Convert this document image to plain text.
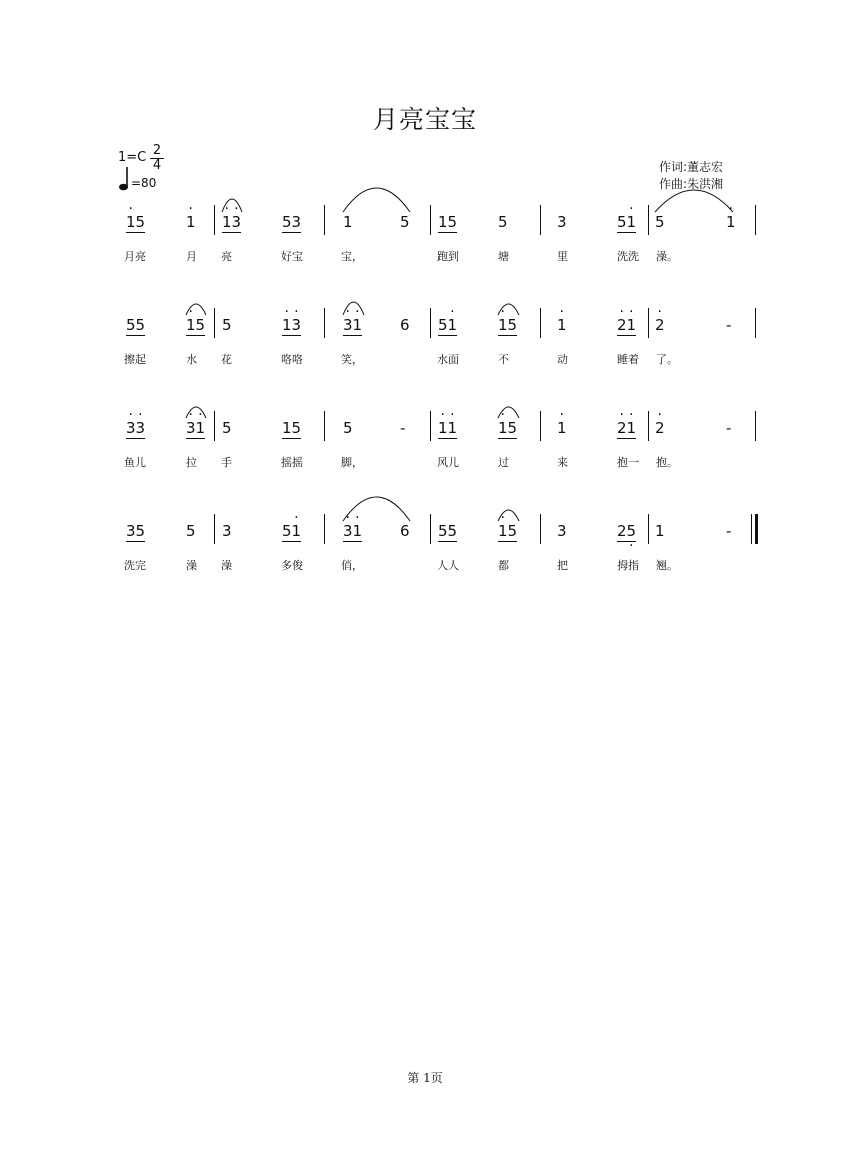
月亮宝宝
1=C 2
4
=80
作词:董志宏
作曲:朱洪湘
· 15	· 1 · 1· 3	53	1	5 15	5	3	5· 1 5	· 1
月亮	月 亮	好宝	宝，	跑到	塘	里	洗洗 澡。
55	· 15 5	· 1· 3	· 3· 1	6 5· 1	· 15	· 1	· 2· 1 · 2	-
擦起	水 花	咯咯	笑，	水面	不	动	睡着 了。
· 3· 3	· 3· 1 5	15	5	- · 1· 1	· 15	· 1	· 2· 1 · 2	-
鱼儿	拉 手	摇摇	脚，	风儿	过	来	抱一 抱。
35	5 3	5· 1	· 3· 1	6 55	· 15	3	25 · 1	-
洗完	澡 澡	多俊	俏，	人人	都	把	拇指 翘。
第 1页
